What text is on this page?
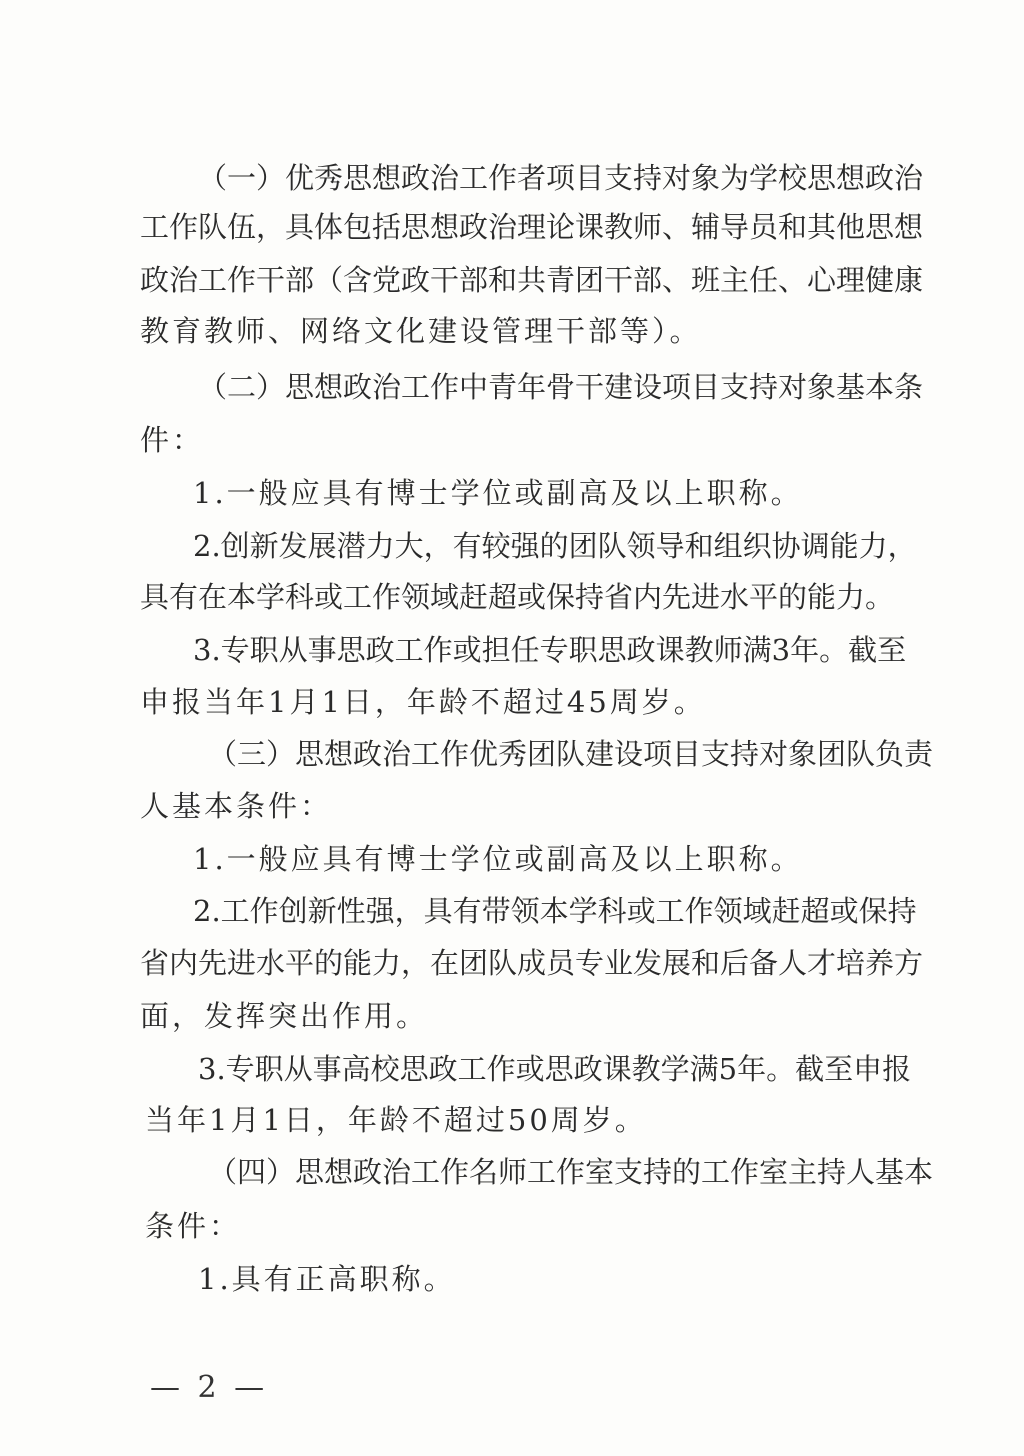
（一）优秀思想政治工作者项目支持对象为学校思想政治
工作队伍，具体包括思想政治理论课教师、辅导员和其他思想
政治工作干部（含党政干部和共青团干部、班主任、心理健康
教育教师、网络文化建设管理干部等）。
（二）思想政治工作中青年骨干建设项目支持对象基本条
件：
1.一般应具有博士学位或副高及以上职称。
2.创新发展潜力大，有较强的团队领导和组织协调能力，
具有在本学科或工作领域赶超或保持省内先进水平的能力。
3.专职从事思政工作或担任专职思政课教师满3年。截至
申报当年1月1日，年龄不超过45周岁。
（三）思想政治工作优秀团队建设项目支持对象团队负责
人基本条件：
1.一般应具有博士学位或副高及以上职称。
2.工作创新性强，具有带领本学科或工作领域赶超或保持
省内先进水平的能力，在团队成员专业发展和后备人才培养方
面，发挥突出作用。
3.专职从事高校思政工作或思政课教学满5年。截至申报
当年1月1日，年龄不超过50周岁。
（四）思想政治工作名师工作室支持的工作室主持人基本
条件：
1.具有正高职称。
— 2 —
